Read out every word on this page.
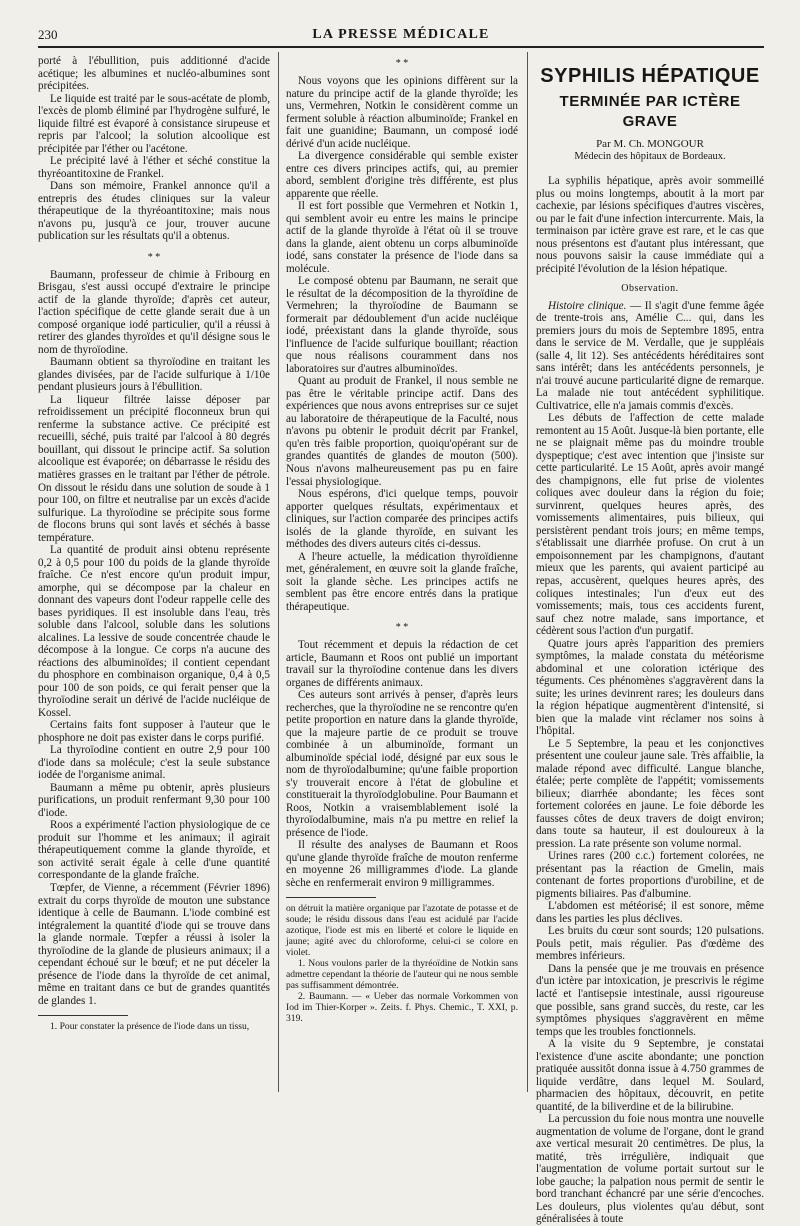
230	LA PRESSE MÉDICALE

porté à l'ébullition, puis additionné d'acide acétique; les albumines et nucléo-albumines sont précipitées.

Le liquide est traité par le sous-acétate de plomb, l'excès de plomb éliminé par l'hydrogène sulfuré, le liquide filtré est évaporé à consistance sirupeuse et repris par l'alcool; la solution alcoolique est précipitée par l'éther ou l'acétone.

Le précipité lavé à l'éther et séché constitue la thyréoantitoxine de Frankel.

Dans son mémoire, Frankel annonce qu'il a entrepris des études cliniques sur la valeur thérapeutique de la thyréoantitoxine; mais nous n'avons pu, jusqu'à ce jour, trouver aucune publication sur les résultats qu'il a obtenus.

* *

Baumann, professeur de chimie à Fribourg en Brisgau, s'est aussi occupé d'extraire le principe actif de la glande thyroïde; d'après cet auteur, l'action spécifique de cette glande serait due à un composé organique iodé particulier, qu'il a réussi à retirer des glandes thyroïdes et qu'il désigne sous le nom de thyroïodine.

Baumann obtient sa thyroïodine en traitant les glandes divisées, par de l'acide sulfurique à 1/10e pendant plusieurs jours à l'ébullition.

La liqueur filtrée laisse déposer par refroidissement un précipité floconneux brun qui renferme la substance active. Ce précipité est recueilli, séché, puis traité par l'alcool à 80 degrés bouillant, qui dissout le principe actif. Sa solution alcoolique est évaporée; on débarrasse le résidu des matières grasses en le traitant par l'éther de pétrole. On dissout le résidu dans une solution de soude à 1 pour 100, on filtre et neutralise par un excès d'acide sulfurique. La thyroïodine se précipite sous forme de flocons bruns qui sont lavés et séchés à basse température.

La quantité de produit ainsi obtenu représente 0,2 à 0,5 pour 100 du poids de la glande thyroïde fraîche. Ce n'est encore qu'un produit impur, amorphe, qui se décompose par la chaleur en donnant des vapeurs dont l'odeur rappelle celle des bases pyridiques. Il est insoluble dans l'eau, très soluble dans l'alcool, soluble dans les solutions alcalines. La lessive de soude concentrée chaude le décompose à la longue. Ce corps n'a aucune des réactions des albuminoïdes; il contient cependant du phosphore en combinaison organique, 0,4 à 0,5 pour 100 de son poids, ce qui ferait penser que la thyroïodine serait un dérivé de l'acide nucléique de Kossel.

Certains faits font supposer à l'auteur que le phosphore ne doit pas exister dans le corps purifié.

La thyroïodine contient en outre 2,9 pour 100 d'iode dans sa molécule; c'est la seule substance iodée de l'organisme animal.

Baumann a même pu obtenir, après plusieurs purifications, un produit renfermant 9,30 pour 100 d'iode.

Roos a expérimenté l'action physiologique de ce produit sur l'homme et les animaux; il agirait thérapeutiquement comme la glande thyroïde, et son activité serait égale à celle d'une quantité correspondante de la glande fraîche.

Tœpfer, de Vienne, a récemment (Février 1896) extrait du corps thyroïde de mouton une substance identique à celle de Baumann. L'iode combiné est intégralement la quantité d'iode qui se trouve dans la glande normale. Tœpfer a réussi à isoler la thyroïodine de la glande de plusieurs animaux; il a cependant échoué sur le bœuf; et ne put déceler la présence de l'iode dans la thyroïde de cet animal, même en traitant dans ce but de grandes quantités de glandes 1.

1. Pour constater la présence de l'iode dans un tissu,

* *

Nous voyons que les opinions diffèrent sur la nature du principe actif de la glande thyroïde; les uns, Vermehren, Notkin le considèrent comme un ferment soluble à réaction albuminoïde; Frankel en fait une guanidine; Baumann, un composé iodé dérivé d'un acide nucléique.

La divergence considérable qui semble exister entre ces divers principes actifs, qui, au premier abord, semblent d'origine très différente, est plus apparente que réelle.

Il est fort possible que Vermehren et Notkin 1, qui semblent avoir eu entre les mains le principe actif de la glande thyroïde à l'état où il se trouve dans la glande, aient obtenu un corps albuminoïde iodé, sans constater la présence de l'iode dans sa molécule.

Le composé obtenu par Baumann, ne serait que le résultat de la décomposition de la thyroïdine de Vermehren; la thyroïodine de Baumann se formerait par dédoublement d'un acide nucléique iodé, préexistant dans la glande thyroïde, sous l'influence de l'acide sulfurique bouillant; réaction que nous réalisons couramment dans nos laboratoires sur d'autres albuminoïdes.

Quant au produit de Frankel, il nous semble ne pas être le véritable principe actif. Dans des expériences que nous avons entreprises sur ce sujet au laboratoire de thérapeutique de la Faculté, nous n'avons pu obtenir le produit décrit par Frankel, qu'en très faible proportion, quoiqu'opérant sur de grandes quantités de glandes de mouton (500). Nous n'avons malheureusement pas pu en faire l'essai physiologique.

Nous espérons, d'ici quelque temps, pouvoir apporter quelques résultats, expérimentaux et cliniques, sur l'action comparée des principes actifs isolés de la glande thyroïde, en suivant les méthodes des divers auteurs cités ci-dessus.

A l'heure actuelle, la médication thyroïdienne met, généralement, en œuvre soit la glande fraîche, soit la glande sèche. Les principes actifs ne semblent pas être encore entrés dans la pratique thérapeutique.

* *

Tout récemment et depuis la rédaction de cet article, Baumann et Roos ont publié un important travail sur la thyroïodine contenue dans les divers organes de différents animaux.

Ces auteurs sont arrivés à penser, d'après leurs recherches, que la thyroïodine ne se rencontre qu'en petite proportion en nature dans la glande thyroïde, que la majeure partie de ce produit se trouve combinée à un albuminoïde, formant un albuminoïde spécial iodé, désigné par eux sous le nom de thyroïodalbumine; qu'une faible proportion s'y trouverait encore à l'état de globuline et constituerait la thyroïodglobuline. Pour Baumann et Roos, Notkin a vraisemblablement isolé la thyroïodalbumine, mais n'a pu mettre en relief la présence de l'iode.

Il résulte des analyses de Baumann et Roos qu'une glande thyroïde fraîche de mouton renferme en moyenne 26 milligrammes d'iode. La glande sèche en renfermerait environ 9 milligrammes.

on détruit la matière organique par l'azotate de potasse et de soude; le résidu dissous dans l'eau est acidulé par l'acide azotique, l'iode est mis en liberté et colore le liquide en jaune; agité avec du chloroforme, celui-ci se colore en violet.

1. Nous voulons parler de la thyréoïdine de Notkin sans admettre cependant la théorie de l'auteur qui ne nous semble pas suffisamment démontrée.

2. Baumann. — « Ueber das normale Vorkommen von Iod im Thier-Korper ». Zeits. f. Phys. Chemic., T. XXI, p. 319.

SYPHILIS HÉPATIQUE
TERMINÉE PAR ICTÈRE GRAVE
Par M. Ch. MONGOUR
Médecin des hôpitaux de Bordeaux.

La syphilis hépatique, après avoir sommeillé plus ou moins longtemps, aboutit à la mort par cachexie, par lésions spécifiques d'autres viscères, ou par le fait d'une infection intercurrente. Mais, la terminaison par ictère grave est rare, et le cas que nous présentons est d'autant plus intéressant, que nous pouvons saisir la cause immédiate qui a précipité l'évolution de la lésion hépatique.

Observation.

Histoire clinique. — Il s'agit d'une femme âgée de trente-trois ans, Amélie C... qui, dans les premiers jours du mois de Septembre 1895, entra dans le service de M. Verdalle, que je suppléais (salle 4, lit 12). Ses antécédents héréditaires sont sans intérêt; dans les antécédents personnels, je n'ai trouvé aucune particularité digne de remarque. La malade nie tout antécédent syphilitique. Cultivatrice, elle n'a jamais commis d'excès.

Les débuts de l'affection de cette malade remontent au 15 Août. Jusque-là bien portante, elle ne se plaignait même pas du moindre trouble dyspeptique; c'est avec intention que j'insiste sur cette particularité. Le 15 Août, après avoir mangé des champignons, elle fut prise de violentes coliques avec douleur dans la région du foie; survinrent, quelques heures après, des vomissements alimentaires, puis bilieux, qui persistèrent pendant trois jours; en même temps, s'établissait une diarrhée profuse. On crut à un empoisonnement par les champignons, d'autant mieux que les parents, qui avaient participé au repas, accusèrent, quelques heures après, des coliques intestinales; l'un d'eux eut des vomissements; mais, tous ces accidents furent, sauf chez notre malade, sans importance, et cédèrent sous l'action d'un purgatif.

Quatre jours après l'apparition des premiers symptômes, la malade constata du météorisme abdominal et une coloration ictérique des téguments. Ces phénomènes s'aggravèrent dans la suite; les urines devinrent rares; les douleurs dans la région hépatique augmentèrent d'intensité, si bien que la malade vint réclamer nos soins à l'hôpital.

Le 5 Septembre, la peau et les conjonctives présentent une couleur jaune sale. Très affaiblie, la malade répond avec difficulté. Langue blanche, étalée; perte complète de l'appétit; vomissements bilieux; diarrhée abondante; les fèces sont fortement colorées en jaune. Le foie déborde les fausses côtes de deux travers de doigt environ; dans toute sa hauteur, il est douloureux à la pression. La rate présente son volume normal.

Urines rares (200 c.c.) fortement colorées, ne présentant pas la réaction de Gmelin, mais contenant de fortes proportions d'urobiline, et de pigments biliaires. Pas d'albumine.

L'abdomen est météorisé; il est sonore, même dans les parties les plus déclives.

Les bruits du cœur sont sourds; 120 pulsations. Pouls petit, mais régulier. Pas d'œdème des membres inférieurs.

Dans la pensée que je me trouvais en présence d'un ictère par intoxication, je prescrivis le régime lacté et l'antisepsie intestinale, aussi rigoureuse que possible, sans grand succès, du reste, car les symptômes physiques s'aggravèrent en même temps que les troubles fonctionnels.

A la visite du 9 Septembre, je constatai l'existence d'une ascite abondante; une ponction pratiquée aussitôt donna issue à 4.750 grammes de liquide verdâtre, dans lequel M. Soulard, pharmacien des hôpitaux, découvrit, en petite quantité, de la biliverdine et de la bilirubine.

La percussion du foie nous montra une nouvelle augmentation de volume de l'organe, dont le grand axe vertical mesurait 20 centimètres. De plus, la matité, très irrégulière, indiquait que l'augmentation de volume portait surtout sur le lobe gauche; la palpation nous permit de sentir le bord tranchant échancré par une série d'encoches. Les douleurs, plus violentes qu'au début, sont généralisées à toute
